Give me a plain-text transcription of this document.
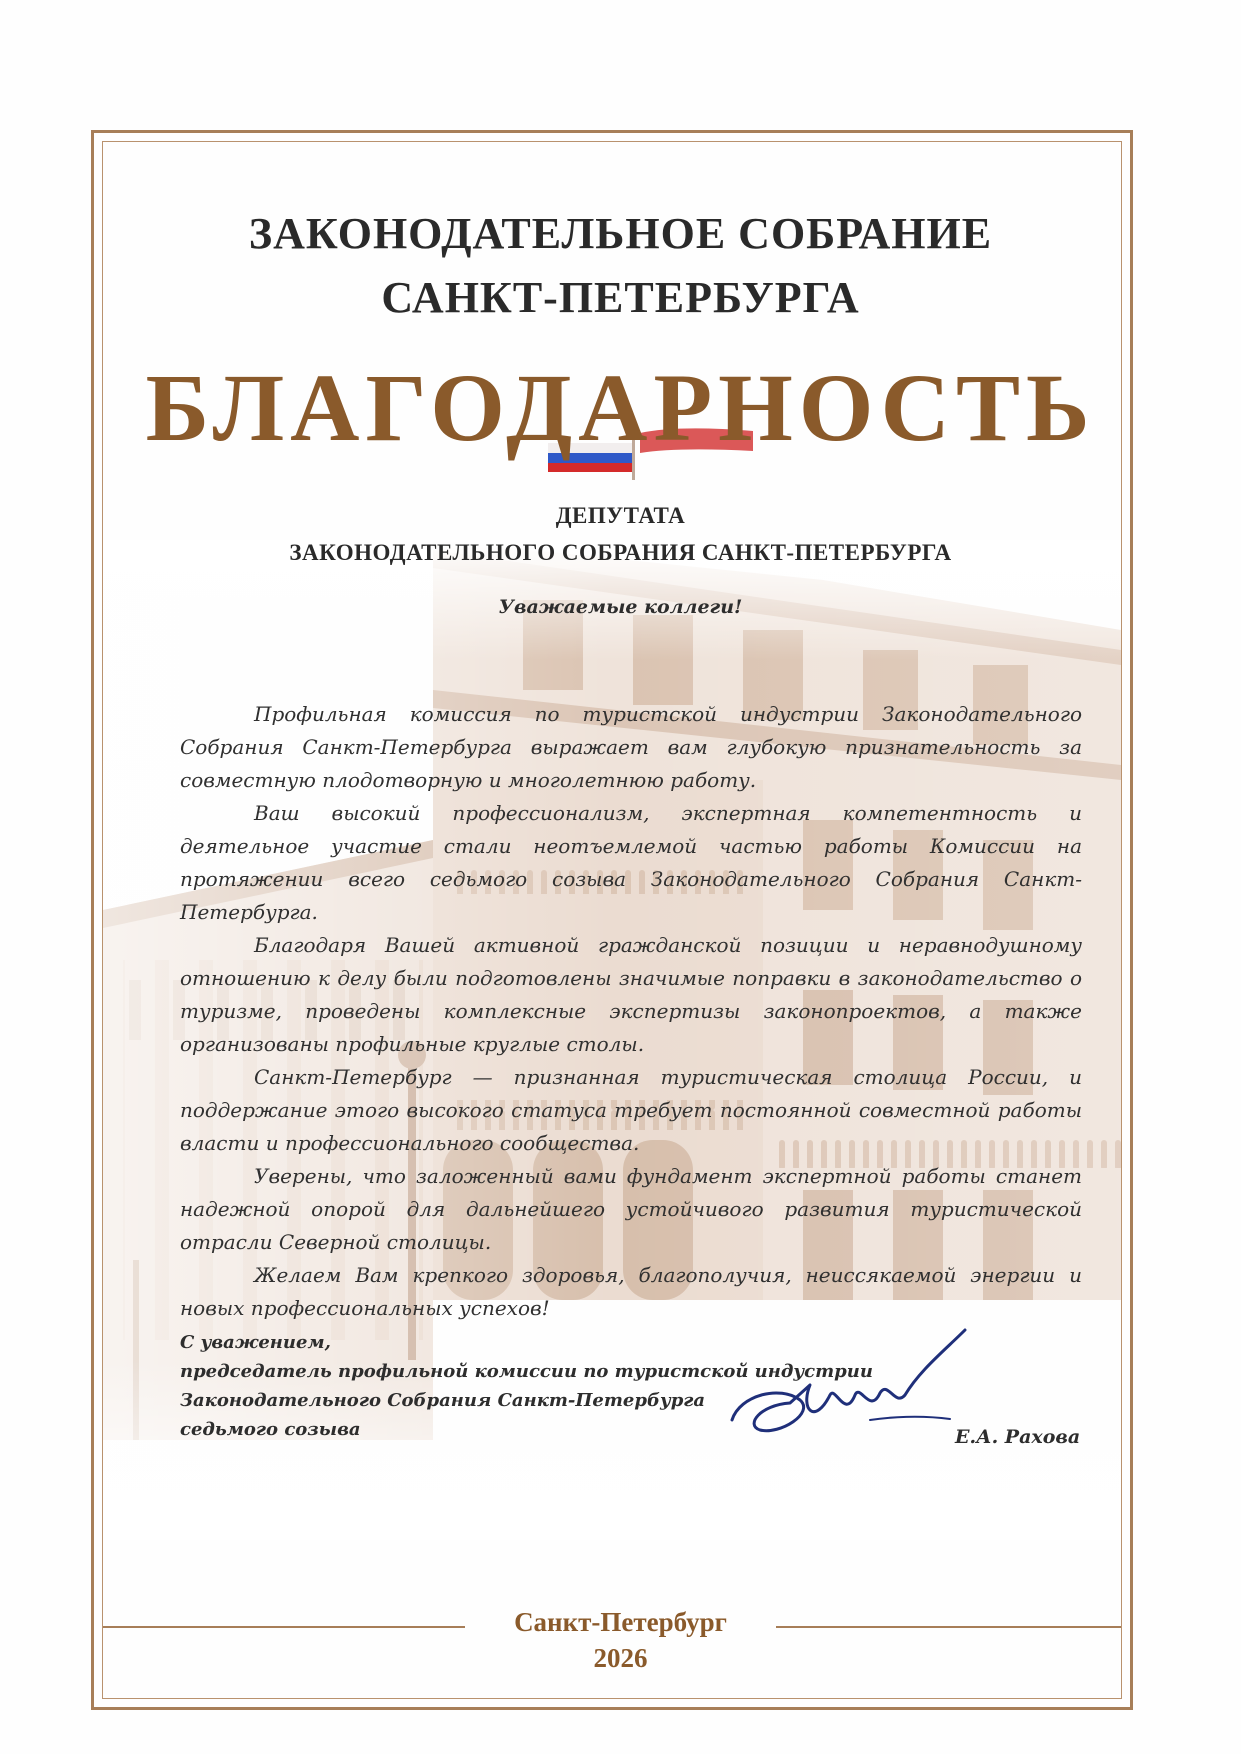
ЗАКОНОДАТЕЛЬНОЕ СОБРАНИЕ
САНКТ-ПЕТЕРБУРГА
БЛАГОДАРНОСТЬ
ДЕПУТАТА
ЗАКОНОДАТЕЛЬНОГО СОБРАНИЯ САНКТ-ПЕТЕРБУРГА
Уважаемые коллеги!

Профильная комиссия по туристской индустрии Законодательного Собрания Санкт-Петербурга выражает вам глубокую признательность за совместную плодотворную и многолетнюю работу.

Ваш высокий профессионализм, экспертная компетентность и деятельное участие стали неотъемлемой частью работы Комиссии на протяжении всего седьмого созыва Законодательного Собрания Санкт-Петербурга.

Благодаря Вашей активной гражданской позиции и неравнодушному отношению к делу были подготовлены значимые поправки в законодательство о туризме, проведены комплексные экспертизы законопроектов, а также организованы профильные круглые столы.

Санкт-Петербург — признанная туристическая столица России, и поддержание этого высокого статуса требует постоянной совместной работы власти и профессионального сообщества.

Уверены, что заложенный вами фундамент экспертной работы станет надежной опорой для дальнейшего устойчивого развития туристической отрасли Северной столицы.

Желаем Вам крепкого здоровья, благополучия, неиссякаемой энергии и новых профессиональных успехов!

С уважением,
председатель профильной комиссии по туристской индустрии
Законодательного Собрания Санкт-Петербурга
седьмого созыва	Е.А. Рахова
Санкт-Петербург
2026
